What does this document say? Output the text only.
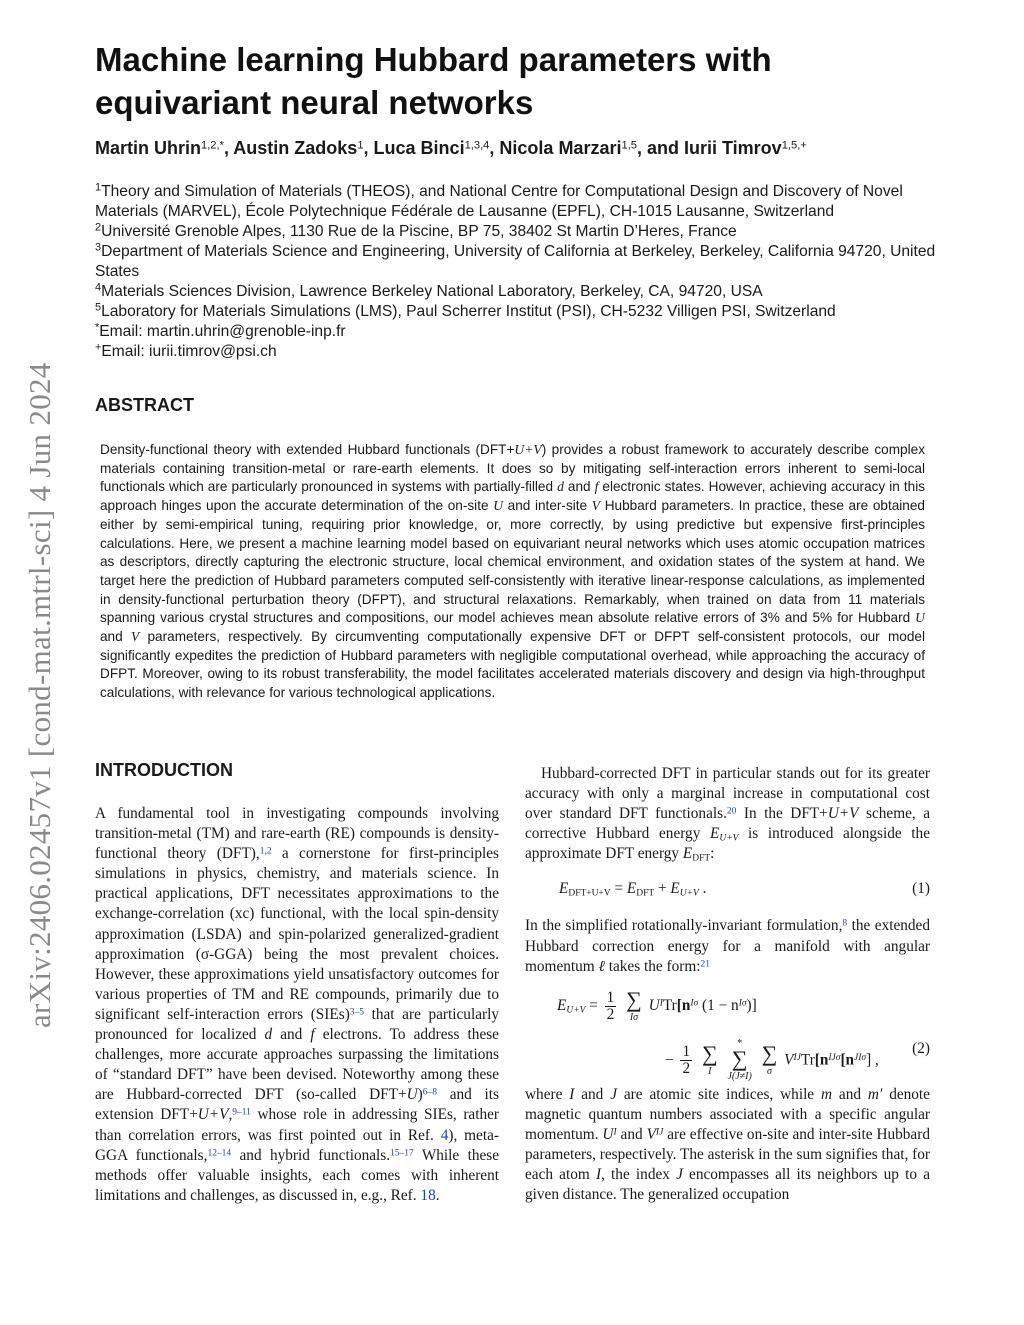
arXiv:2406.02457v1 [cond-mat.mtrl-sci] 4 Jun 2024
Machine learning Hubbard parameters with equivariant neural networks
Martin Uhrin$^{1,2,*}$, Austin Zadoks$^1$, Luca Binci$^{1,3,4}$, Nicola Marzari$^{1,5}$, and Iurii Timrov$^{1,5,+}$

$^1$Theory and Simulation of Materials (THEOS), and National Centre for Computational Design and Discovery of Novel Materials (MARVEL), École Polytechnique Fédérale de Lausanne (EPFL), CH-1015 Lausanne, Switzerland

$^2$Université Grenoble Alpes, 1130 Rue de la Piscine, BP 75, 38402 St Martin D’Heres, France

$^3$Department of Materials Science and Engineering, University of California at Berkeley, Berkeley, California 94720, United States

$^4$Materials Sciences Division, Lawrence Berkeley National Laboratory, Berkeley, CA, 94720, USA

$^5$Laboratory for Materials Simulations (LMS), Paul Scherrer Institut (PSI), CH-5232 Villigen PSI, Switzerland

*Email: martin.uhrin@grenoble-inp.fr

+Email: iurii.timrov@psi.ch

ABSTRACT

Density-functional theory with extended Hubbard functionals (DFT+U+V) provides a robust framework to accurately describe complex materials containing transition-metal or rare-earth elements. It does so by mitigating self-interaction errors inherent to semi-local functionals which are particularly pronounced in systems with partially-filled d and f electronic states. However, achieving accuracy in this approach hinges upon the accurate determination of the on-site U and inter-site V Hubbard parameters. In practice, these are obtained either by semi-empirical tuning, requiring prior knowledge, or, more correctly, by using predictive but expensive first-principles calculations. Here, we present a machine learning model based on equivariant neural networks which uses atomic occupation matrices as descriptors, directly capturing the electronic structure, local chemical environment, and oxidation states of the system at hand. We target here the prediction of Hubbard parameters computed self-consistently with iterative linear-response calculations, as implemented in density-functional perturbation theory (DFPT), and structural relaxations. Remarkably, when trained on data from 11 materials spanning various crystal structures and compositions, our model achieves mean absolute relative errors of 3% and 5% for Hubbard U and V parameters, respectively. By circumventing computationally expensive DFT or DFPT self-consistent protocols, our model significantly expedites the prediction of Hubbard parameters with negligible computational overhead, while approaching the accuracy of DFPT. Moreover, owing to its robust transferability, the model facilitates accelerated materials discovery and design via high-throughput calculations, with relevance for various technological applications.

INTRODUCTION

A fundamental tool in investigating compounds involving transition-metal (TM) and rare-earth (RE) compounds is density-functional theory (DFT),$^{1,2}$ a cornerstone for first-principles simulations in physics, chemistry, and materials science. In practical applications, DFT necessitates approximations to the exchange-correlation (xc) functional, with the local spin-density approximation (LSDA) and spin-polarized generalized-gradient approximation (σ-GGA) being the most prevalent choices. However, these approximations yield unsatisfactory outcomes for various properties of TM and RE compounds, primarily due to significant self-interaction errors (SIEs)$^{3-5}$ that are particularly pronounced for localized d and f electrons. To address these challenges, more accurate approaches surpassing the limitations of “standard DFT” have been devised. Noteworthy among these are Hubbard-corrected DFT (so-called DFT+U)$^{6-8}$ and its extension DFT+U+V,$^{9-11}$ whose role in addressing SIEs, rather than correlation errors, was first pointed out in Ref. 4), meta-GGA functionals,$^{12-14}$ and hybrid functionals.$^{15-17}$ While these methods offer valuable insights, each comes with inherent limitations and challenges, as discussed in, e.g., Ref. 18.

Hubbard-corrected DFT in particular stands out for its greater accuracy with only a marginal increase in computational cost over standard DFT functionals.$^{20}$ In the DFT+U+V scheme, a corrective Hubbard energy $E_{U+V}$ is introduced alongside the approximate DFT energy $E_{DFT}$:

$E_{DFT+U+V} = E_{DFT} + E_{U+V}$ .	(1)

In the simplified rotationally-invariant formulation,$^8$ the extended Hubbard correction energy for a manifold with angular momentum ℓ takes the form:$^{21}$

$E_{U+V} = \frac{1}{2}$
∑
Iσ
$U^ITr[n^{I\sigma}$ $(1 - n^{I\sigma})$]
− $\frac{1}{2}$
∑
I

*
∑
J(J≠I)

∑
σ
$V^{IJ}Tr[n^{IJ\sigma}[n^{JI\sigma}]$ ,
(2)

where I and J are atomic site indices, while m and m′ denote magnetic quantum numbers associated with a specific angular momentum. $U^I$ and $V^{IJ}$ are effective on-site and inter-site Hubbard parameters, respectively. The asterisk in the sum signifies that, for each atom I, the index J encompasses all its neighbors up to a given distance. The generalized occupation
